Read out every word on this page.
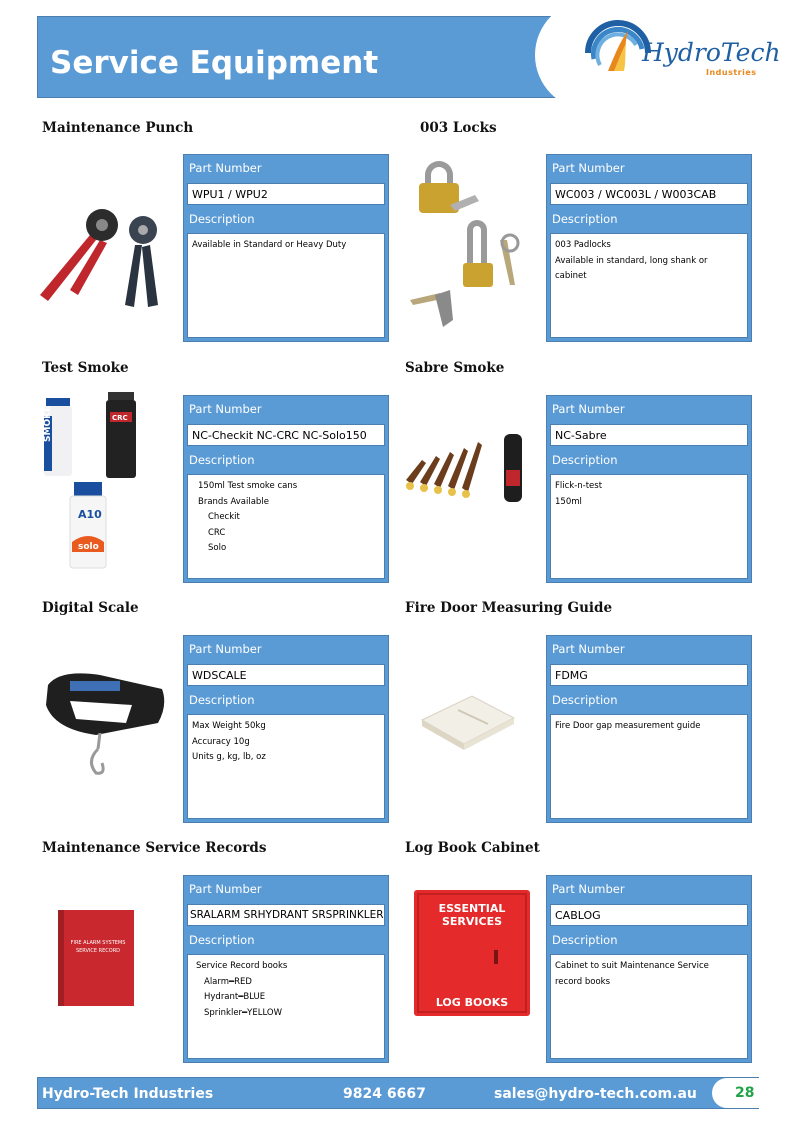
Service Equipment	HydroTech
Industries
Maintenance Punch
Part Number
WPU1 / WPU2
Description
Available in Standard or Heavy Duty
003 Locks
Part Number
WC003 / WC003L / W003CAB
Description
003 Padlocks
Available in standard, long shank or
cabinet
Test Smoke
SMOKE	CRC
A10
solo
Part Number
NC-Checkit NC-CRC NC-Solo150
Description
150ml Test smoke cans
Brands Available
Checkit
CRC
Solo
Sabre Smoke
Part Number
NC-Sabre
Description
Flick-n-test
150ml
Digital Scale
Part Number
WDSCALE
Description
Max Weight 50kg
Accuracy 10g
Units g, kg, lb, oz
Fire Door Measuring Guide
Part Number
FDMG
Description
Fire Door gap measurement guide
Maintenance Service Records
FIRE ALARM SYSTEMS
SERVICE RECORD
Part Number
SRALARM SRHYDRANT SRSPRINKLER
Description
Service Record books
Alarm━RED
Hydrant━BLUE
Sprinkler━YELLOW
Log Book Cabinet
ESSENTIAL
SERVICES
LOG BOOKS
Part Number
CABLOG
Description
Cabinet to suit Maintenance Service
record books
Hydro-Tech Industries	9824 6667	sales@hydro-tech.com.au	28
